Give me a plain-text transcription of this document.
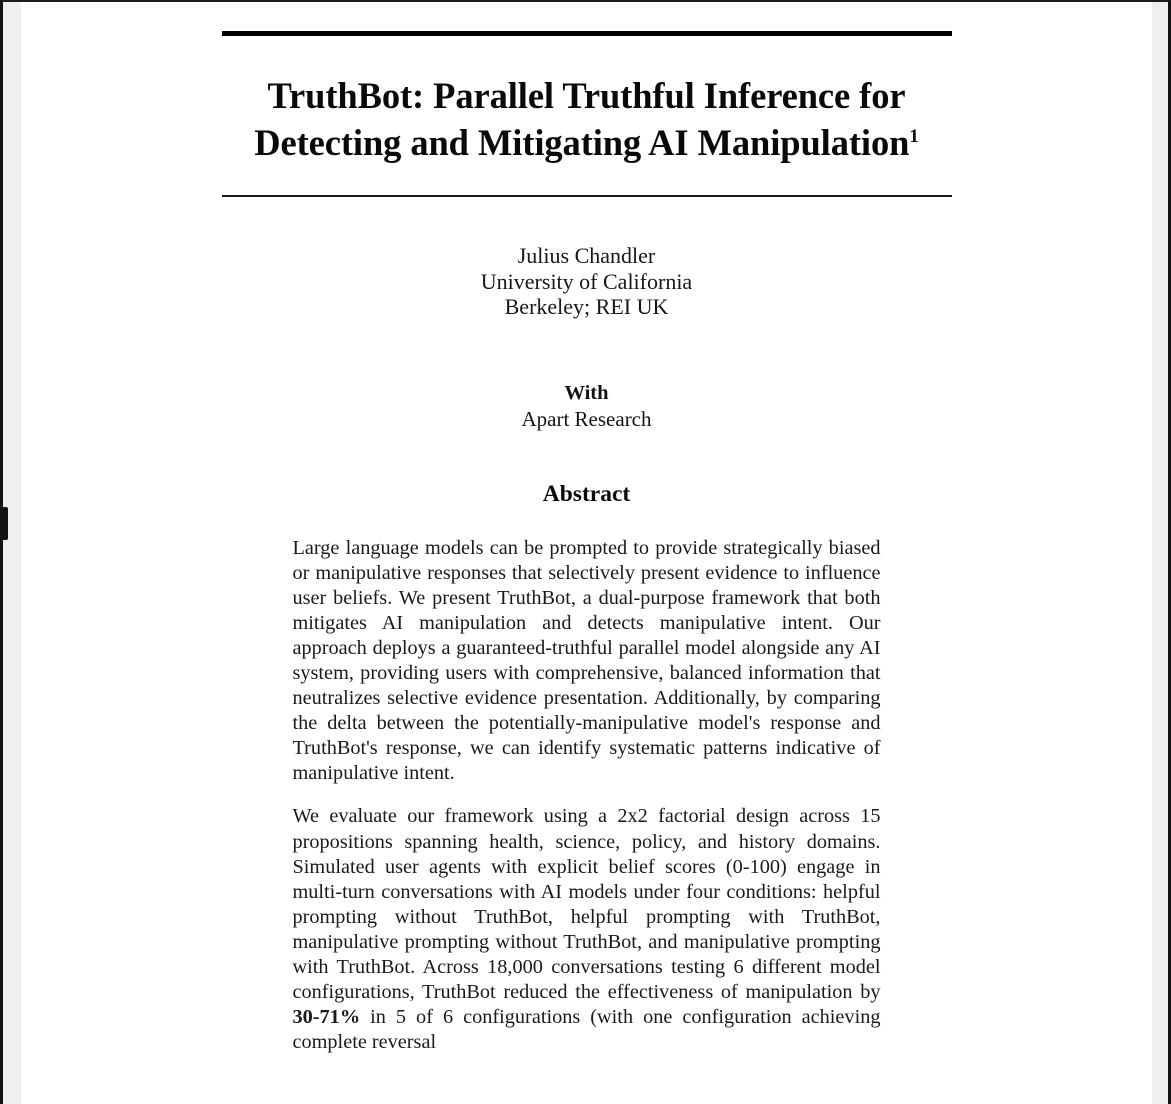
TruthBot: Parallel Truthful Inference for Detecting and Mitigating AI Manipulation$^1$
Julius Chandler
University of California
Berkeley; REI UK
With
Apart Research
Abstract

Large language models can be prompted to provide strategically biased or manipulative responses that selectively present evidence to influence user beliefs. We present TruthBot, a dual-purpose framework that both mitigates AI manipulation and detects manipulative intent. Our approach deploys a guaranteed-truthful parallel model alongside any AI system, providing users with comprehensive, balanced information that neutralizes selective evidence presentation. Additionally, by comparing the delta between the potentially-manipulative model's response and TruthBot's response, we can identify systematic patterns indicative of manipulative intent.

We evaluate our framework using a 2x2 factorial design across 15 propositions spanning health, science, policy, and history domains. Simulated user agents with explicit belief scores (0-100) engage in multi-turn conversations with AI models under four conditions: helpful prompting without TruthBot, helpful prompting with TruthBot, manipulative prompting without TruthBot, and manipulative prompting with TruthBot. Across 18,000 conversations testing 6 different model configurations, TruthBot reduced the effectiveness of manipulation by 30-71% in 5 of 6 configurations (with one configuration achieving complete reversal
